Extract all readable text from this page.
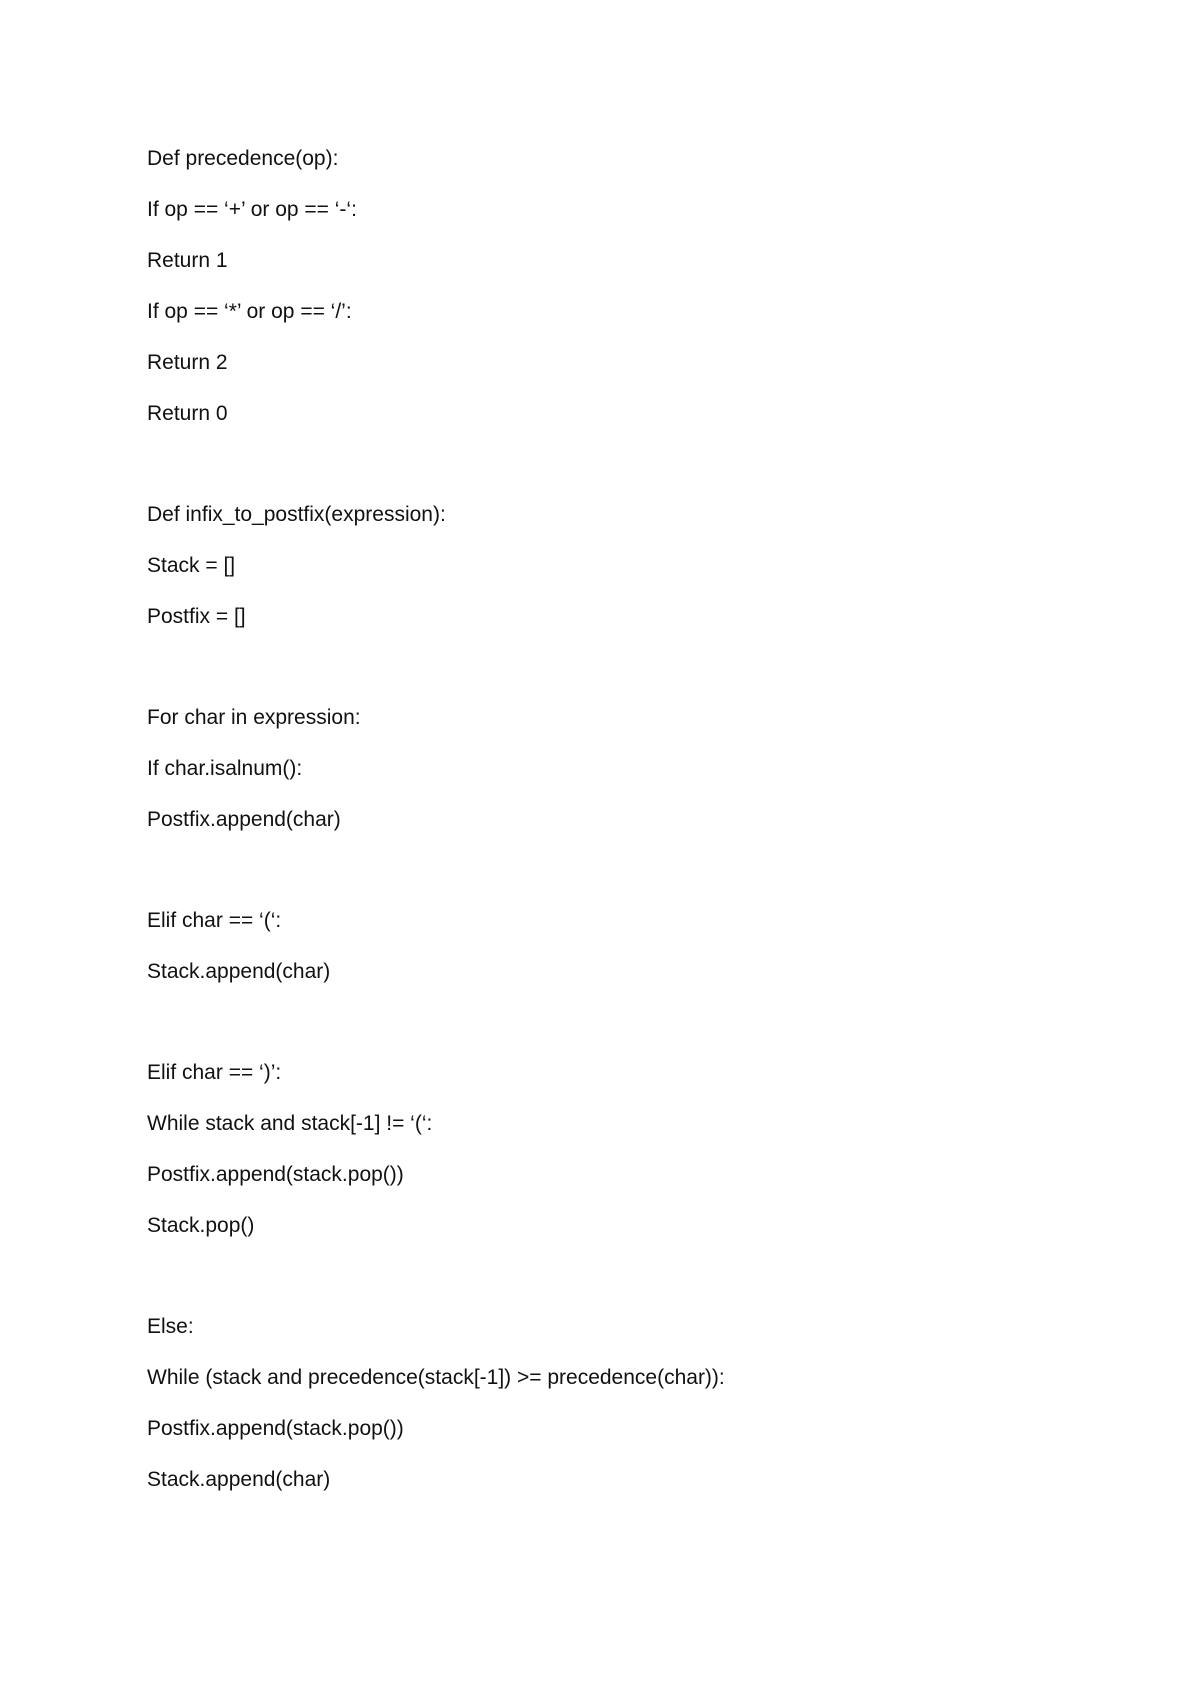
Def precedence(op):
If op == ‘+’ or op == ‘-‘:
Return 1
If op == ‘*’ or op == ‘/’:
Return 2
Return 0
Def infix_to_postfix(expression):
Stack = []
Postfix = []
For char in expression:
If char.isalnum():
Postfix.append(char)
Elif char == ‘(‘:
Stack.append(char)
Elif char == ‘)’:
While stack and stack[-1] != ‘(‘:
Postfix.append(stack.pop())
Stack.pop()
Else:
While (stack and precedence(stack[-1]) >= precedence(char)):
Postfix.append(stack.pop())
Stack.append(char)
